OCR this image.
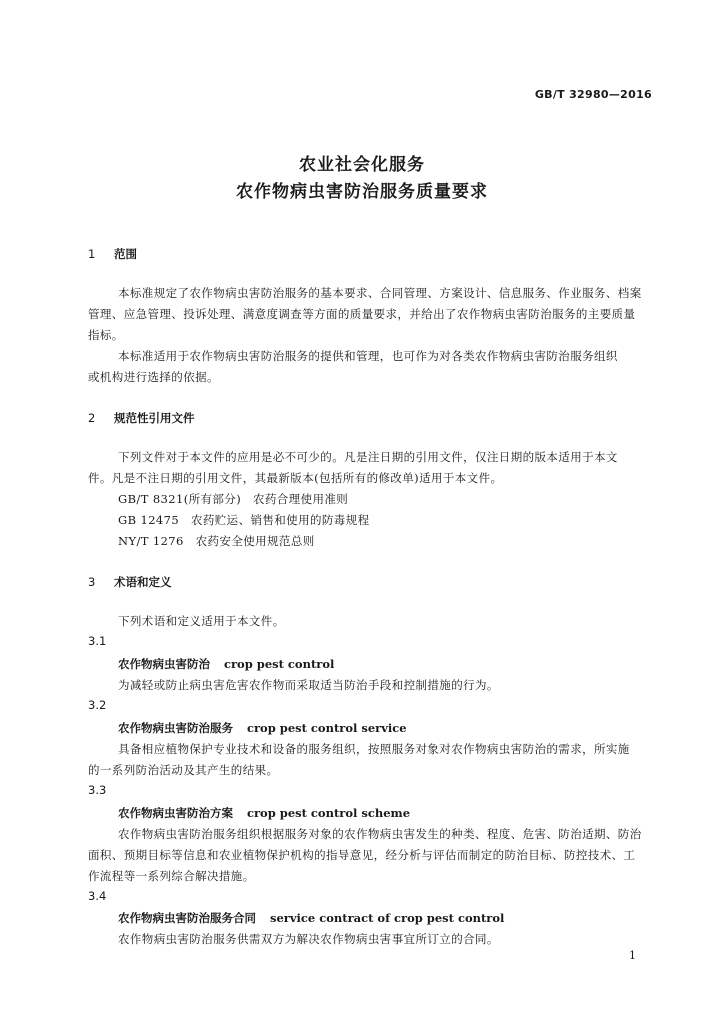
GB/T 32980—2016
农业社会化服务
农作物病虫害防治服务质量要求
1 范围
本标准规定了农作物病虫害防治服务的基本要求、合同管理、方案设计、信息服务、作业服务、档案
管理、应急管理、投诉处理、满意度调查等方面的质量要求，并给出了农作物病虫害防治服务的主要质量
指标。
本标准适用于农作物病虫害防治服务的提供和管理，也可作为对各类农作物病虫害防治服务组织
或机构进行选择的依据。
2 规范性引用文件
下列文件对于本文件的应用是必不可少的。凡是注日期的引用文件，仅注日期的版本适用于本文
件。凡是不注日期的引用文件，其最新版本(包括所有的修改单)适用于本文件。
GB/T 8321(所有部分)　农药合理使用准则
GB 12475　农药贮运、销售和使用的防毒规程
NY/T 1276　农药安全使用规范总则
3 术语和定义
下列术语和定义适用于本文件。
3.1
农作物病虫害防治 crop pest control
为减轻或防止病虫害危害农作物而采取适当防治手段和控制措施的行为。
3.2
农作物病虫害防治服务 crop pest control service
具备相应植物保护专业技术和设备的服务组织，按照服务对象对农作物病虫害防治的需求，所实施
的一系列防治活动及其产生的结果。
3.3
农作物病虫害防治方案 crop pest control scheme
农作物病虫害防治服务组织根据服务对象的农作物病虫害发生的种类、程度、危害、防治适期、防治
面积、预期目标等信息和农业植物保护机构的指导意见，经分析与评估而制定的防治目标、防控技术、工
作流程等一系列综合解决措施。
3.4
农作物病虫害防治服务合同 service contract of crop pest control
农作物病虫害防治服务供需双方为解决农作物病虫害事宜所订立的合同。
1
